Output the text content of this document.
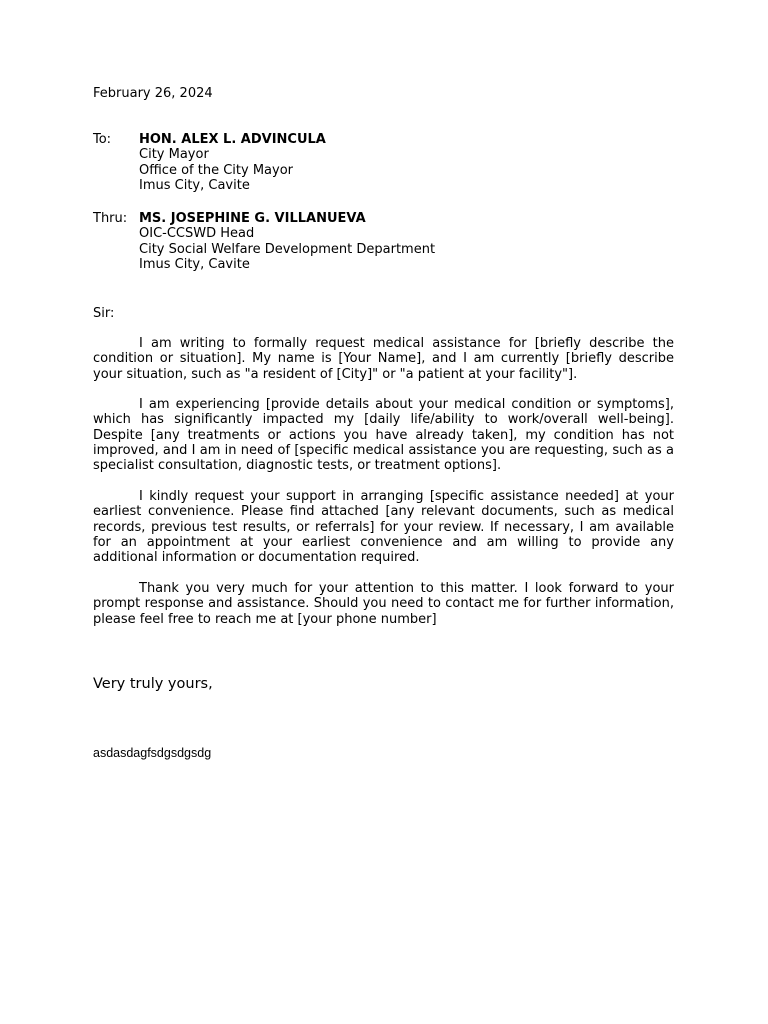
February 26, 2024
To: HON. ALEX L. ADVINCULA
City Mayor
Office of the City Mayor
Imus City, Cavite
Thru: MS. JOSEPHINE G. VILLANUEVA
OIC-CCSWD Head
City Social Welfare Development Department
Imus City, Cavite
Sir:

I am writing to formally request medical assistance for [briefly describe the condition or situation]. My name is [Your Name], and I am currently [briefly describe your situation, such as "a resident of [City]" or "a patient at your facility"].

I am experiencing [provide details about your medical condition or symptoms], which has significantly impacted my [daily life/ability to work/overall well-being]. Despite [any treatments or actions you have already taken], my condition has not improved, and I am in need of [specific medical assistance you are requesting, such as a specialist consultation, diagnostic tests, or treatment options].

I kindly request your support in arranging [specific assistance needed] at your earliest convenience. Please find attached [any relevant documents, such as medical records, previous test results, or referrals] for your review. If necessary, I am available for an appointment at your earliest convenience and am willing to provide any additional information or documentation required.

Thank you very much for your attention to this matter. I look forward to your prompt response and assistance. Should you need to contact me for further information, please feel free to reach me at [your phone number]

Very truly yours,
asdasdagfsdgsdgsdg
